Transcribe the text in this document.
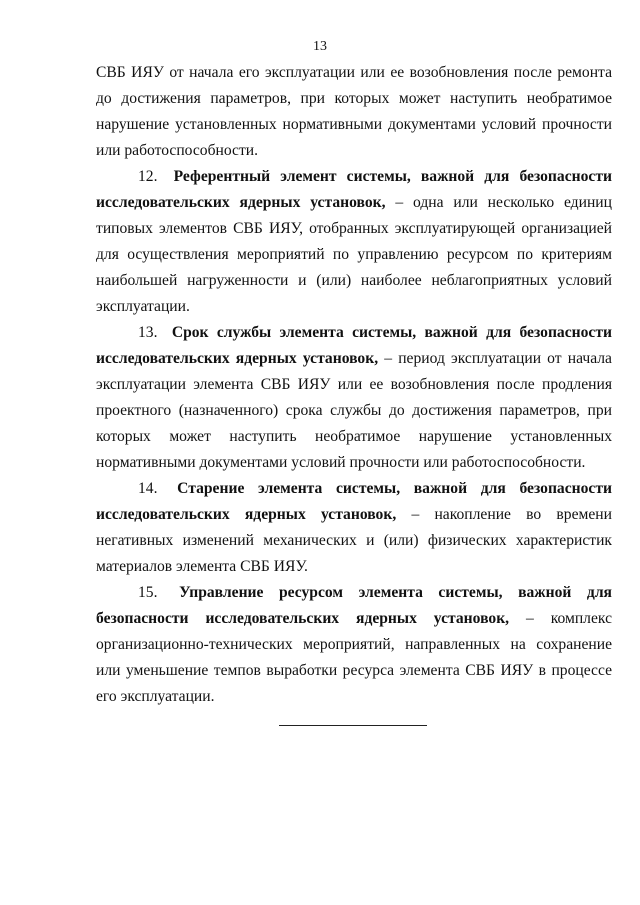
13

СВБ ИЯУ от начала его эксплуатации или ее возобновления после ремонта до достижения параметров, при которых может наступить необратимое нарушение установленных нормативными документами условий прочности или работоспособности.

12. Референтный элемент системы, важной для безопасности исследовательских ядерных установок, – одна или несколько единиц типовых элементов СВБ ИЯУ, отобранных эксплуатирующей организацией для осуществления мероприятий по управлению ресурсом по критериям наибольшей нагруженности и (или) наиболее неблагоприятных условий эксплуатации.

13. Срок службы элемента системы, важной для безопасности исследовательских ядерных установок, – период эксплуатации от начала эксплуатации элемента СВБ ИЯУ или ее возобновления после продления проектного (назначенного) срока службы до достижения параметров, при которых может наступить необратимое нарушение установленных нормативными документами условий прочности или работоспособности.

14. Старение элемента системы, важной для безопасности исследовательских ядерных установок, – накопление во времени негативных изменений механических и (или) физических характеристик материалов элемента СВБ ИЯУ.

15. Управление ресурсом элемента системы, важной для безопасности исследовательских ядерных установок, – комплекс организационно-технических мероприятий, направленных на сохранение или уменьшение темпов выработки ресурса элемента СВБ ИЯУ в процессе его эксплуатации.
